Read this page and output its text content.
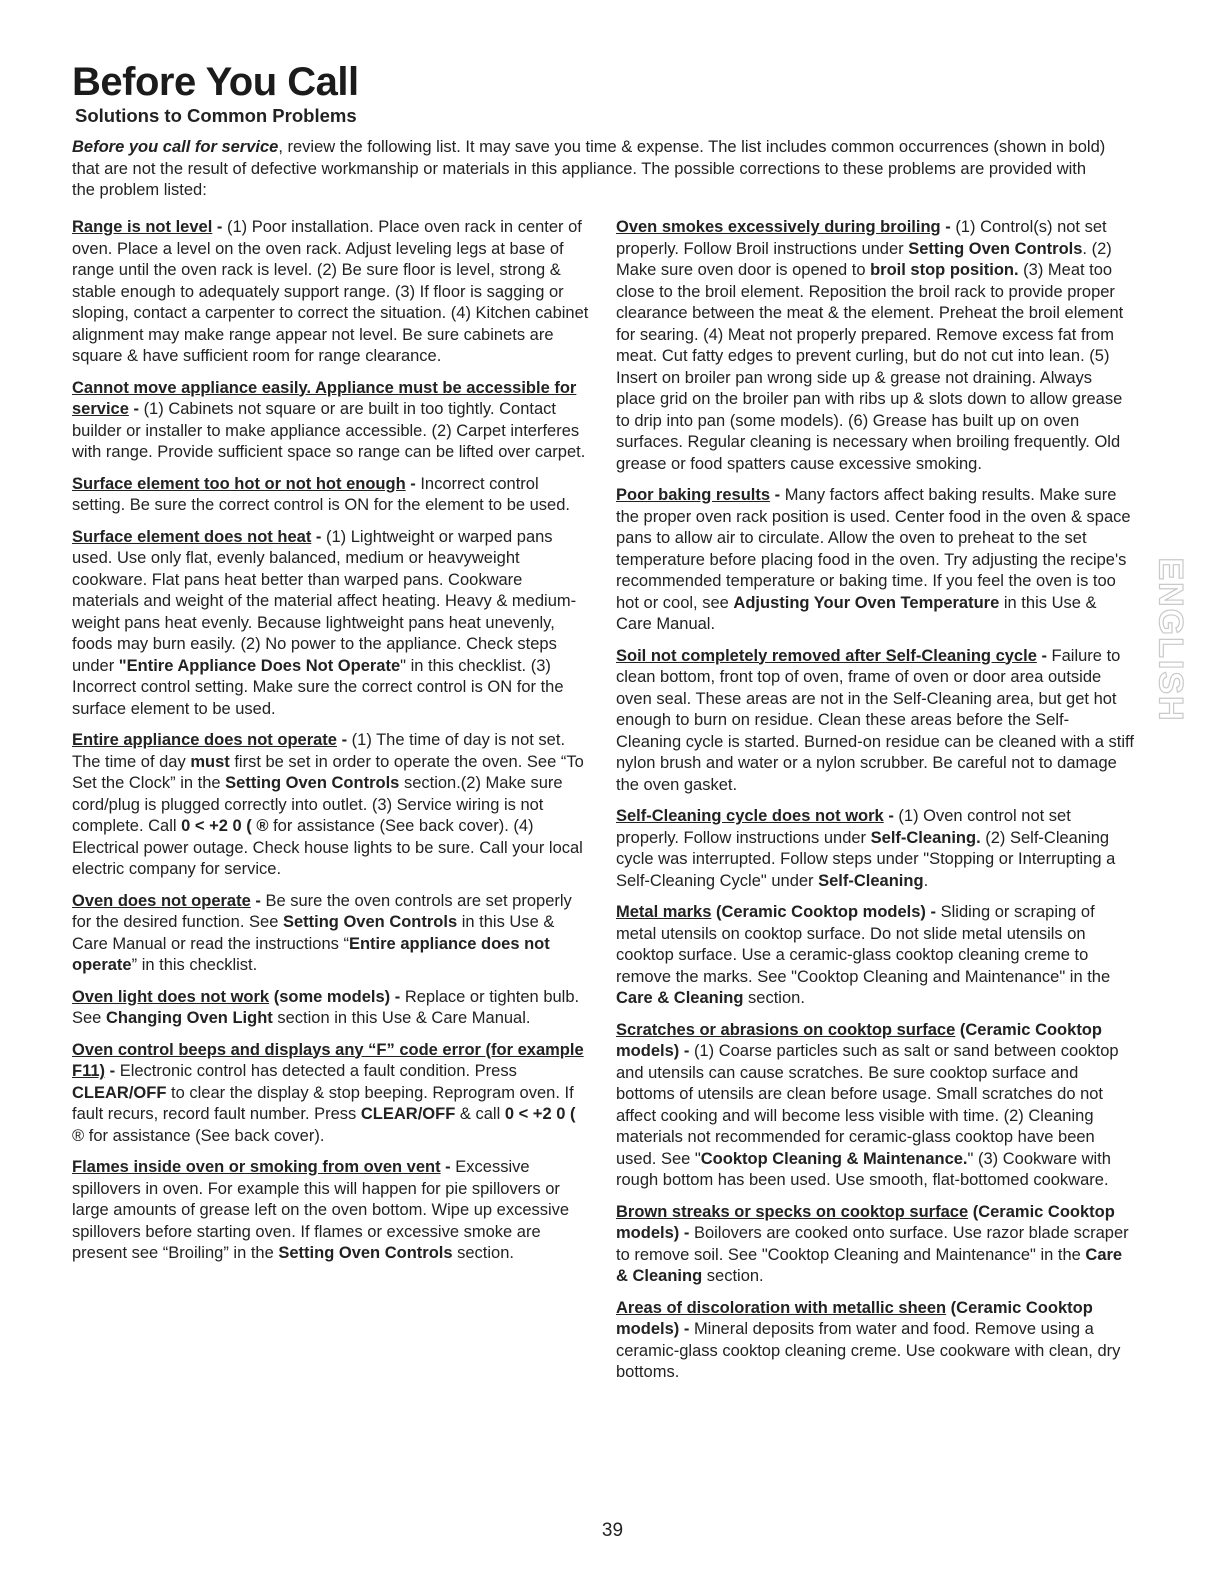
Before You Call
Solutions to Common Problems

Before you call for service, review the following list. It may save you time & expense. The list includes common occurrences (shown in bold) that are not the result of defective workmanship or materials in this appliance. The possible corrections to these problems are provided with the problem listed:

Range is not level - (1) Poor installation. Place oven rack in center of oven. Place a level on the oven rack. Adjust leveling legs at base of range until the oven rack is level. (2) Be sure floor is level, strong & stable enough to adequately support range. (3) If floor is sagging or sloping, contact a carpenter to correct the situation. (4) Kitchen cabinet alignment may make range appear not level. Be sure cabinets are square & have sufficient room for range clearance.

Cannot move appliance easily. Appliance must be accessible for service - (1) Cabinets not square or are built in too tightly. Contact builder or installer to make appliance accessible. (2) Carpet interferes with range. Provide sufficient space so range can be lifted over carpet.

Surface element too hot or not hot enough - Incorrect control setting. Be sure the correct control is ON for the element to be used.

Surface element does not heat - (1) Lightweight or warped pans used. Use only flat, evenly balanced, medium or heavyweight cookware. Flat pans heat better than warped pans. Cookware materials and weight of the material affect heating. Heavy & medium-weight pans heat evenly. Because lightweight pans heat unevenly, foods may burn easily. (2) No power to the appliance. Check steps under "Entire Appliance Does Not Operate" in this checklist. (3) Incorrect control setting. Make sure the correct control is ON for the surface element to be used.

Entire appliance does not operate - (1) The time of day is not set. The time of day must first be set in order to operate the oven. See “To Set the Clock” in the Setting Oven Controls section.(2) Make sure cord/plug is plugged correctly into outlet. (3) Service wiring is not complete. Call 0 < +2 0 ( ® for assistance (See back cover). (4) Electrical power outage. Check house lights to be sure. Call your local electric company for service.

Oven does not operate - Be sure the oven controls are set properly for the desired function. See Setting Oven Controls in this Use & Care Manual or read the instructions “Entire appliance does not operate” in this checklist.

Oven light does not work (some models) - Replace or tighten bulb. See Changing Oven Light section in this Use & Care Manual.

Oven control beeps and displays any “F” code error (for example F11) - Electronic control has detected a fault condition. Press CLEAR/OFF to clear the display & stop beeping. Reprogram oven. If fault recurs, record fault number. Press CLEAR/OFF & call 0 < +2 0 ( ® for assistance (See back cover).

Flames inside oven or smoking from oven vent - Excessive spillovers in oven. For example this will happen for pie spillovers or large amounts of grease left on the oven bottom. Wipe up excessive spillovers before starting oven. If flames or excessive smoke are present see “Broiling” in the Setting Oven Controls section.

Oven smokes excessively during broiling - (1) Control(s) not set properly. Follow Broil instructions under Setting Oven Controls. (2) Make sure oven door is opened to broil stop position. (3) Meat too close to the broil element. Reposition the broil rack to provide proper clearance between the meat & the element. Preheat the broil element for searing. (4) Meat not properly prepared. Remove excess fat from meat. Cut fatty edges to prevent curling, but do not cut into lean. (5) Insert on broiler pan wrong side up & grease not draining. Always place grid on the broiler pan with ribs up & slots down to allow grease to drip into pan (some models). (6) Grease has built up on oven surfaces. Regular cleaning is necessary when broiling frequently. Old grease or food spatters cause excessive smoking.

Poor baking results - Many factors affect baking results. Make sure the proper oven rack position is used. Center food in the oven & space pans to allow air to circulate. Allow the oven to preheat to the set temperature before placing food in the oven. Try adjusting the recipe's recommended temperature or baking time. If you feel the oven is too hot or cool, see Adjusting Your Oven Temperature in this Use & Care Manual.

Soil not completely removed after Self-Cleaning cycle - Failure to clean bottom, front top of oven, frame of oven or door area outside oven seal. These areas are not in the Self-Cleaning area, but get hot enough to burn on residue. Clean these areas before the Self-Cleaning cycle is started. Burned-on residue can be cleaned with a stiff nylon brush and water or a nylon scrubber. Be careful not to damage the oven gasket.

Self-Cleaning cycle does not work - (1) Oven control not set properly. Follow instructions under Self-Cleaning. (2) Self-Cleaning cycle was interrupted. Follow steps under "Stopping or Interrupting a Self-Cleaning Cycle" under Self-Cleaning.

Metal marks (Ceramic Cooktop models) - Sliding or scraping of metal utensils on cooktop surface. Do not slide metal utensils on cooktop surface. Use a ceramic-glass cooktop cleaning creme to remove the marks. See "Cooktop Cleaning and Maintenance" in the Care & Cleaning section.

Scratches or abrasions on cooktop surface (Ceramic Cooktop models) - (1) Coarse particles such as salt or sand between cooktop and utensils can cause scratches. Be sure cooktop surface and bottoms of utensils are clean before usage. Small scratches do not affect cooking and will become less visible with time. (2) Cleaning materials not recommended for ceramic-glass cooktop have been used. See "Cooktop Cleaning & Maintenance." (3) Cookware with rough bottom has been used. Use smooth, flat-bottomed cookware.

Brown streaks or specks on cooktop surface (Ceramic Cooktop models) - Boilovers are cooked onto surface. Use razor blade scraper to remove soil. See "Cooktop Cleaning and Maintenance" in the Care & Cleaning section.

Areas of discoloration with metallic sheen (Ceramic Cooktop models) - Mineral deposits from water and food. Remove using a ceramic-glass cooktop cleaning creme. Use cookware with clean, dry bottoms.

ENGLISH
39
